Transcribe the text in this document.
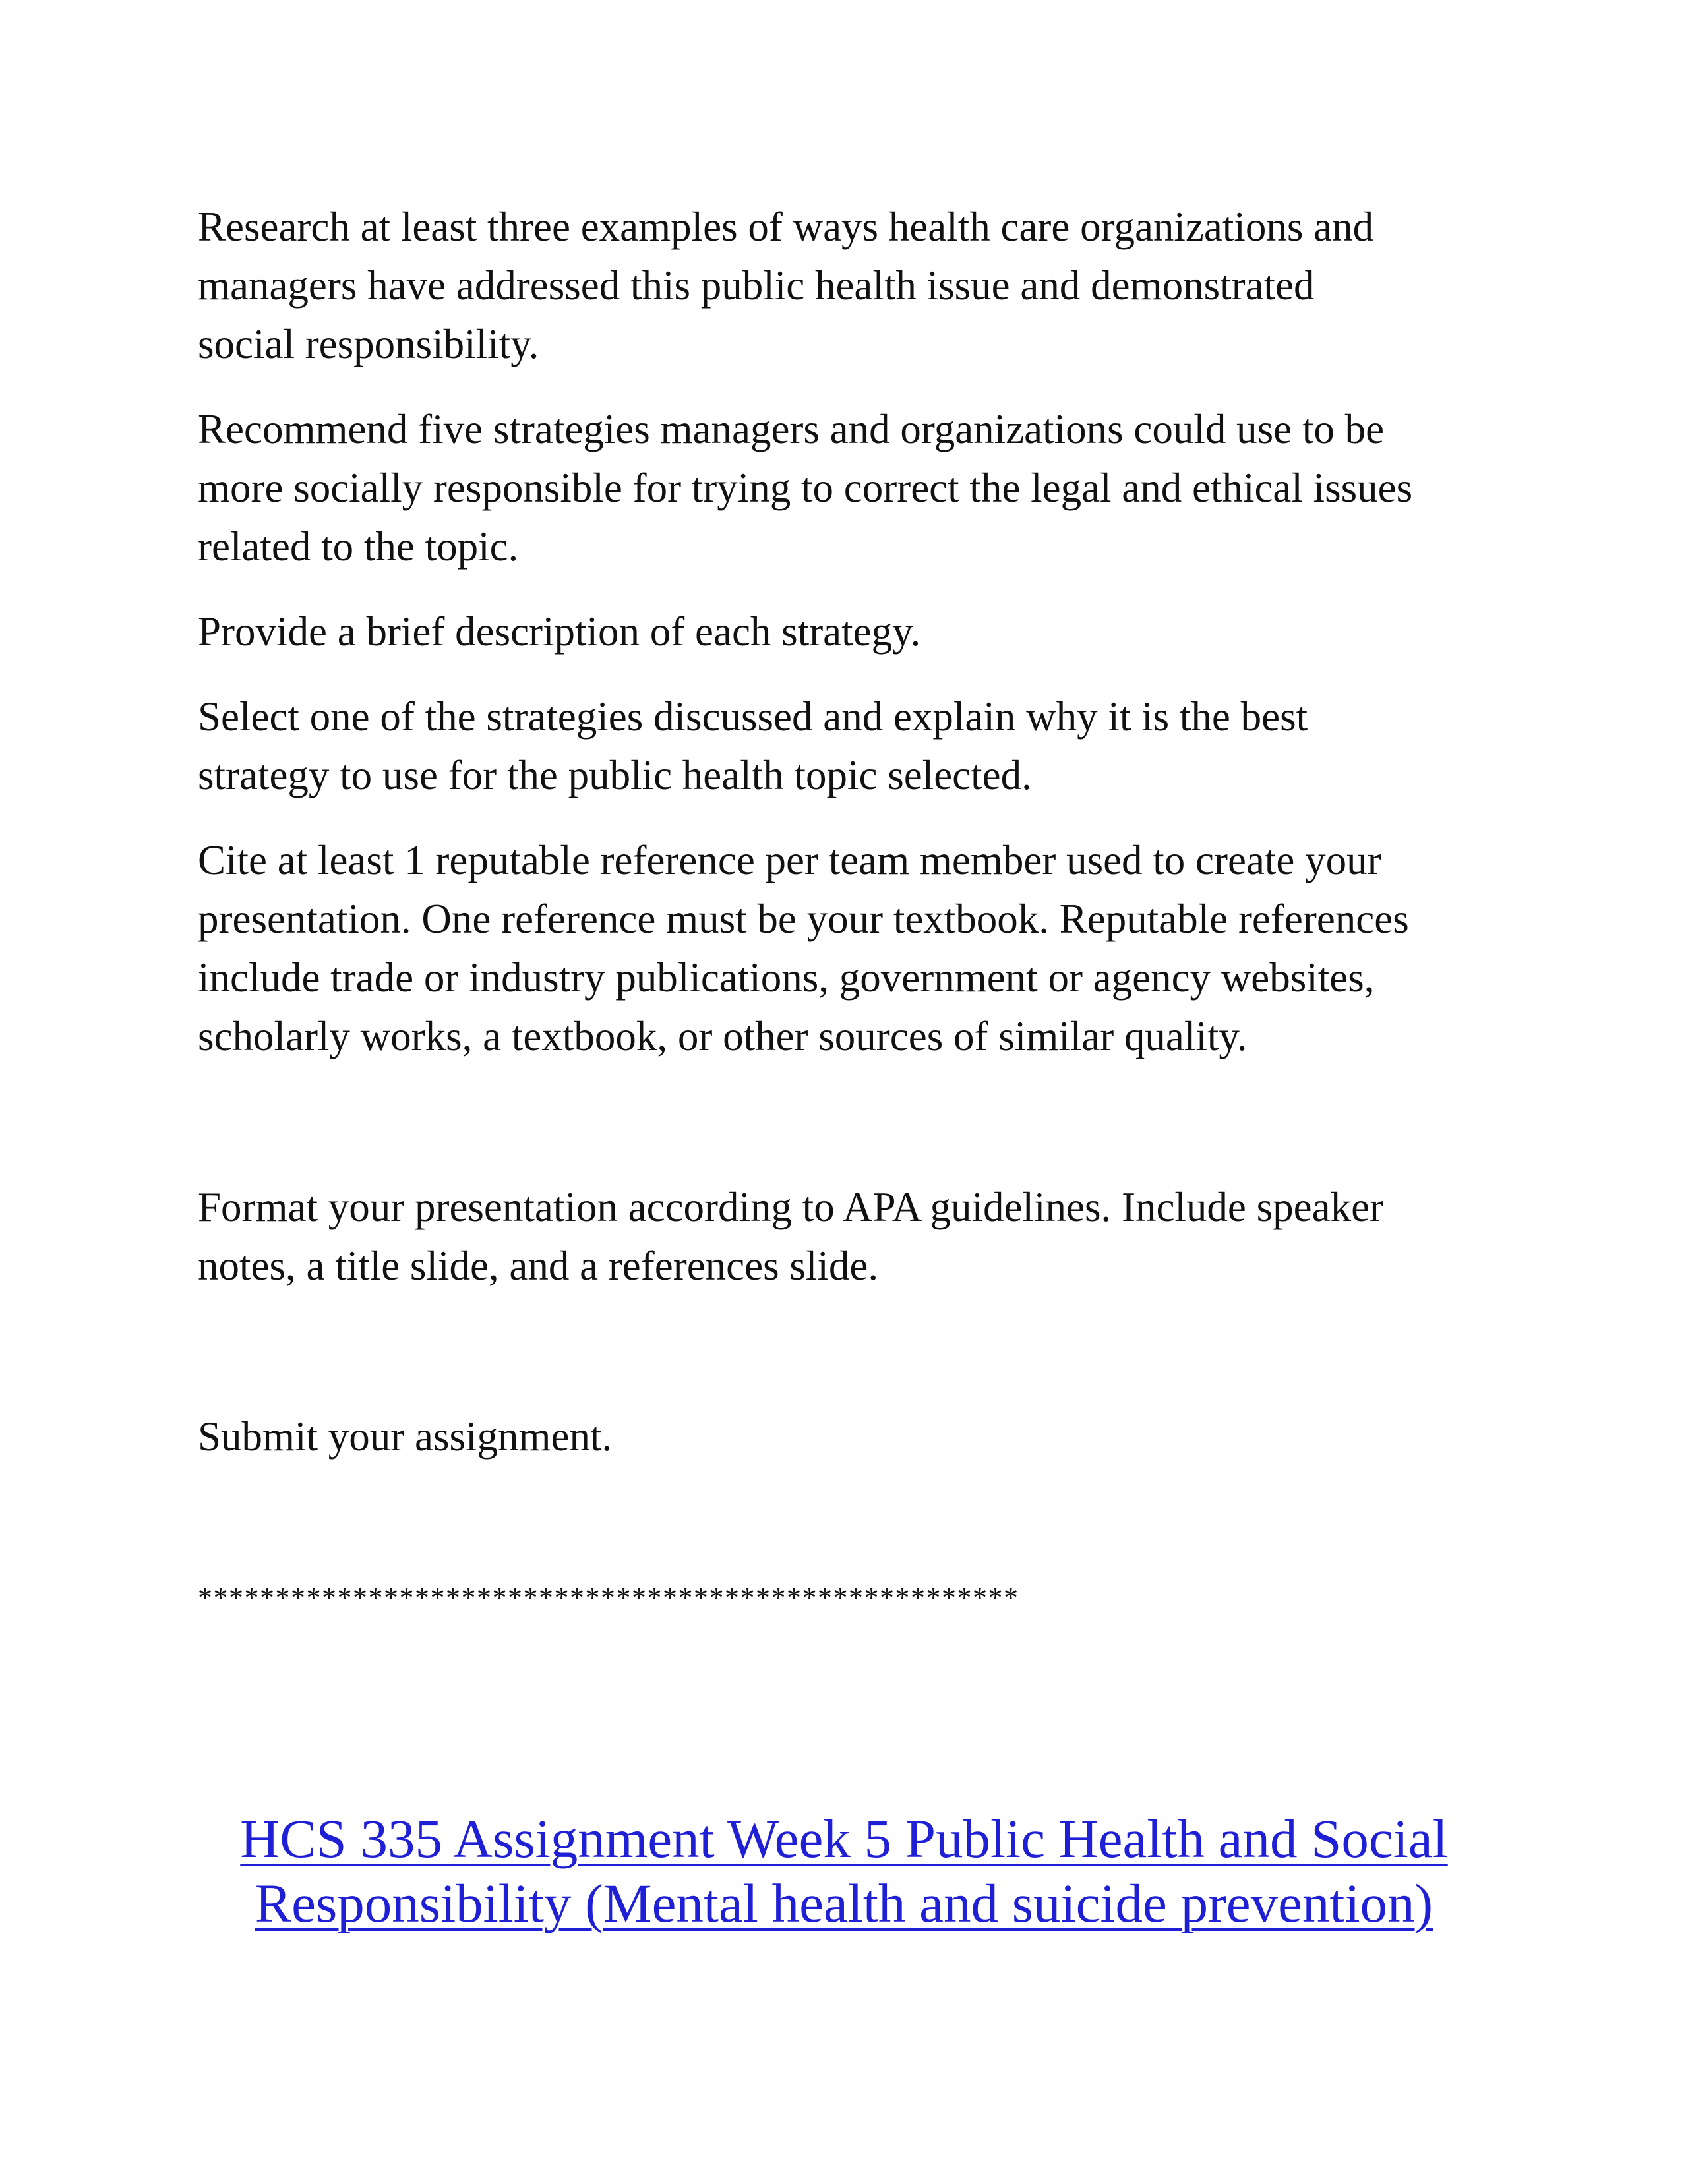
Research at least three examples of ways health care organizations and
managers have addressed this public health issue and demonstrated
social responsibility.

Recommend five strategies managers and organizations could use to be
more socially responsible for trying to correct the legal and ethical issues
related to the topic.

Provide a brief description of each strategy.

Select one of the strategies discussed and explain why it is the best
strategy to use for the public health topic selected.

Cite at least 1 reputable reference per team member used to create your
presentation. One reference must be your textbook. Reputable references
include trade or industry publications, government or agency websites,
scholarly works, a textbook, or other sources of similar quality.

Format your presentation according to APA guidelines. Include speaker
notes, a title slide, and a references slide.

Submit your assignment.

*****************************************************
HCS 335 Assignment Week 5 Public Health and Social
Responsibility (Mental health and suicide prevention)
